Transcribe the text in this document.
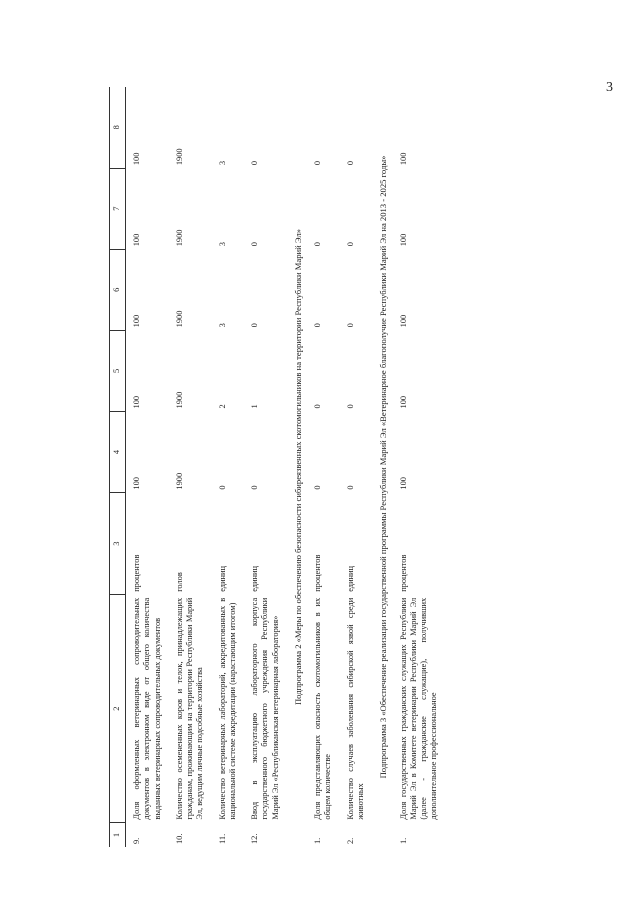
3
1	2	3	4	5	6	7	8
9.	Доля оформленных ветеринарных сопроводительных документов в электронном виде от общего количества выданных ветеринарных сопроводительных документов	процентов	100	100	100	100	100
10.	Количество осемененных коров и телок, принадлежащих гражданам, проживающим на территории Республики Марий Эл, ведущим личные подсобные хозяйства	голов	1900	1900	1900	1900	1900
11.	Количество ветеринарных лабораторий, аккредитованных в национальной системе аккредитации (нарастающим итогом)	единиц	0	2	3	3	3
12.	Ввод в эксплуатацию лабораторного корпуса государственного бюджетного учреждения Республики Марий Эл «Республиканская ветеринарная лаборатория»	единиц	0	1	0	0	0
Подпрограмма 2 «Меры по обеспечению безопасности сибиреязвенных скотомогильников на территории Республики Марий Эл»							
1.	Доля представляющих опасность скотомогильников в их общем количестве	процентов	0	0	0	0	0
2.	Количество случаев заболевания сибирской язвой среди животных	единиц	0	0	0	0	0
Подпрограмма 3 «Обеспечение реализации государственной программы Республики Марий Эл «Ветеринарное благополучие Республики Марий Эл на 2013 - 2025 годы»							
1.	Доля государственных гражданских служащих Республики Марий Эл в Комитете ветеринарии Республики Марий Эл (далее - гражданские служащие), получивших дополнительное профессиональное	процентов	100	100	100	100	100
